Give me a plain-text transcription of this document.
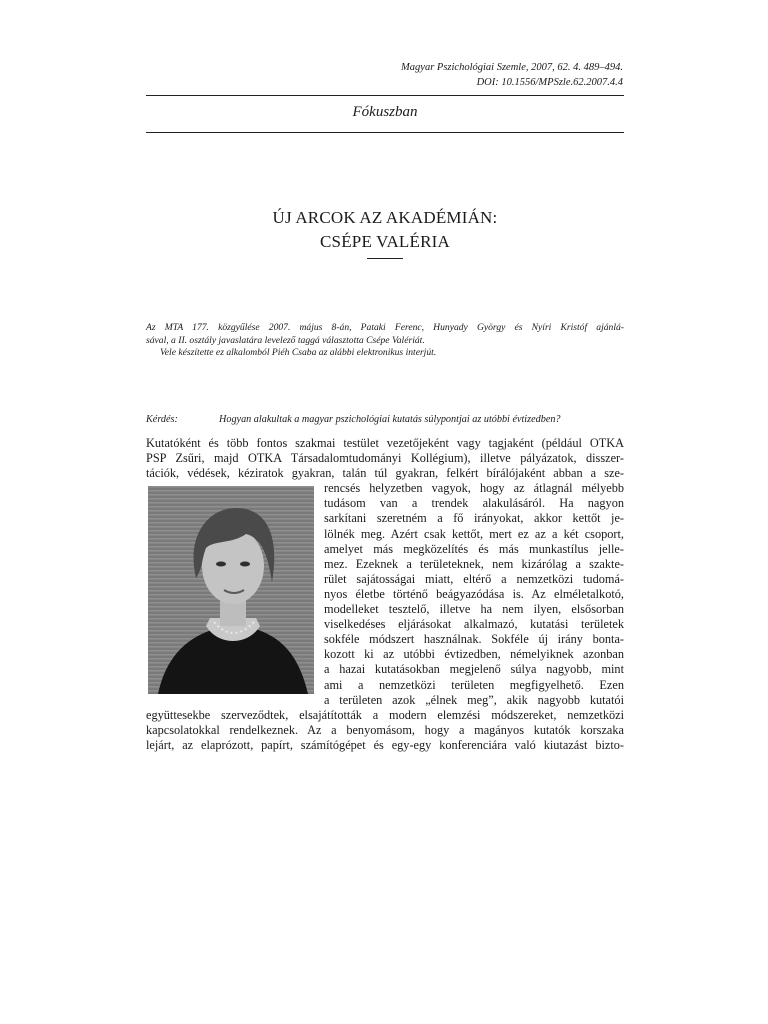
Magyar Pszichológiai Szemle, 2007, 62. 4. 489–494.
DOI: 10.1556/MPSzle.62.2007.4.4
Fókuszban
ÚJ ARCOK AZ AKADÉMIÁN:
CSÉPE VALÉRIA
Az MTA 177. közgyűlése 2007. május 8-án, Pataki Ferenc, Hunyady György és Nyíri Kristóf ajánlá-
sával, a II. osztály javaslatára levelező taggá választotta Csépe Valériát.
Vele készítette ez alkalomból Piéh Csaba az alábbi elektronikus interjút.
Kérdés:	Hogyan alakultak a magyar pszichológiai kutatás súlypontjai az utóbbi évtizedben?
Kutatóként és több fontos szakmai testület vezetőjeként vagy tagjaként (például OTKA
PSP Zsűri, majd OTKA Társadalomtudományi Kollégium), illetve pályázatok, disszer-
tációk, védések, kéziratok gyakran, talán túl gyakran, felkért bírálójaként abban a sze-
rencsés helyzetben vagyok, hogy az átlagnál mélyebb
tudásom van a trendek alakulásáról. Ha nagyon
sarkítani szeretném a fő irányokat, akkor kettőt je-
lölnék meg. Azért csak kettőt, mert ez az a két csoport,
amelyet más megközelítés és más munkastílus jelle-
mez. Ezeknek a területeknek, nem kizárólag a szakte-
rület sajátosságai miatt, eltérő a nemzetközi tudomá-
nyos életbe történő beágyazódása is. Az elméletalkotó,
modelleket tesztelő, illetve ha nem ilyen, elsősorban
viselkedéses eljárásokat alkalmazó, kutatási területek
sokféle módszert használnak. Sokféle új irány bonta-
kozott ki az utóbbi évtizedben, némelyiknek azonban
a hazai kutatásokban megjelenő súlya nagyobb, mint
ami a nemzetközi területen megfigyelhető. Ezen
a területen azok „élnek meg”, akik nagyobb kutatói
együttesekbe szerveződtek, elsajátították a modern elemzési módszereket, nemzetközi
kapcsolatokkal rendelkeznek. Az a benyomásom, hogy a magányos kutatók korszaka
lejárt, az elaprózott, papírt, számítógépet és egy-egy konferenciára való kiutazást bizto-
